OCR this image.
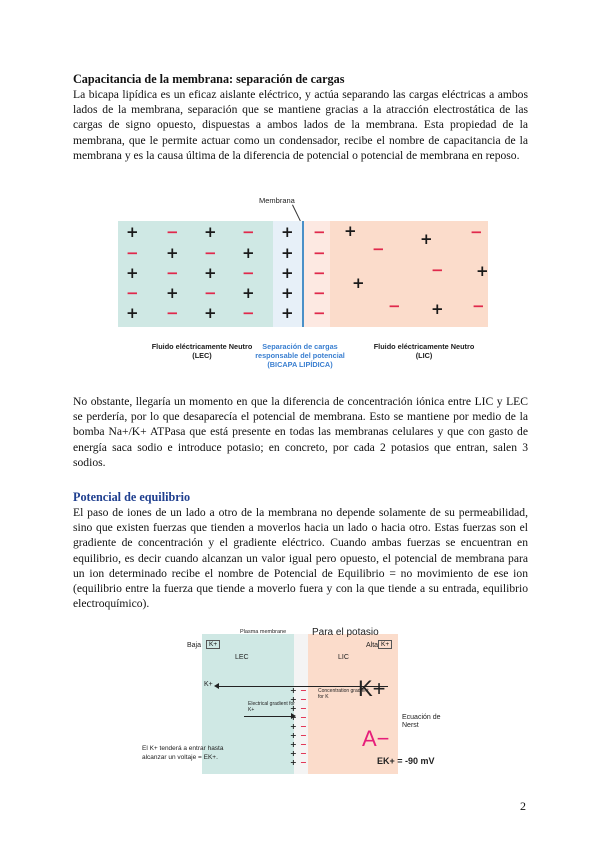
Capacitancia de la membrana: separación de cargas
La bicapa lipídica es un eficaz aislante eléctrico, y actúa separando las cargas eléctricas a ambos lados de la membrana, separación que se mantiene gracias a la atracción electrostática de las cargas de signo opuesto, dispuestas a ambos lados de la membrana. Esta propiedad de la membrana, que le permite actuar como un condensador, recibe el nombre de capacitancia de la membrana y es la causa última de la diferencia de potencial o potencial de membrana en reposo.
Membrana
+ − + − +
− + − + +
+ − + − +
− + − + +
+ − + − +
−
−
−
−
−
+	+ −
−
− +
+
− + −
Fluido eléctricamente Neutro (LEC)
Separación de cargas responsable del potencial (BICAPA LIPÍDICA)
Fluido eléctricamente Neutro (LIC)
No obstante, llegaría un momento en que la diferencia de concentración iónica entre LIC y LEC se perdería, por lo que desaparecía el potencial de membrana. Esto se mantiene por medio de la bomba Na+/K+ ATPasa que está presente en todas las membranas celulares y que con gasto de energía saca sodio e introduce potasio; en concreto, por cada 2 potasios que entran, salen 3 sodios.
Potencial de equilibrio
El paso de iones de un lado a otro de la membrana no depende solamente de su permeabilidad, sino que existen fuerzas que tienden a moverlos hacia un lado o hacia otro. Estas fuerzas son el gradiente de concentración y el gradiente eléctrico. Cuando ambas fuerzas se encuentran en equilibrio, es decir cuando alcanzan un valor igual pero opuesto, el potencial de membrana para un ion determinado recibe el nombre de Potencial de Equilibrio = no movimiento de ese ion (equilibrio entre la fuerza que tiende a moverlo fuera y con la que tiende a su entrada, equilibrio electroquímico).
Plasma membrane	Para el potasio
Baja	K+	Alta K+
LEC	LIC
K+
Concentration gradient for K
Electrical gradient for K+
+
+
+
+
+
+
+
+
+
−
−
−
−
−
−
−
−
−
K+
A−
Ecuación de Nerst
El K+ tenderá a entrar hasta alcanzar un voltaje = EK+.	EK+ = -90 mV
2
